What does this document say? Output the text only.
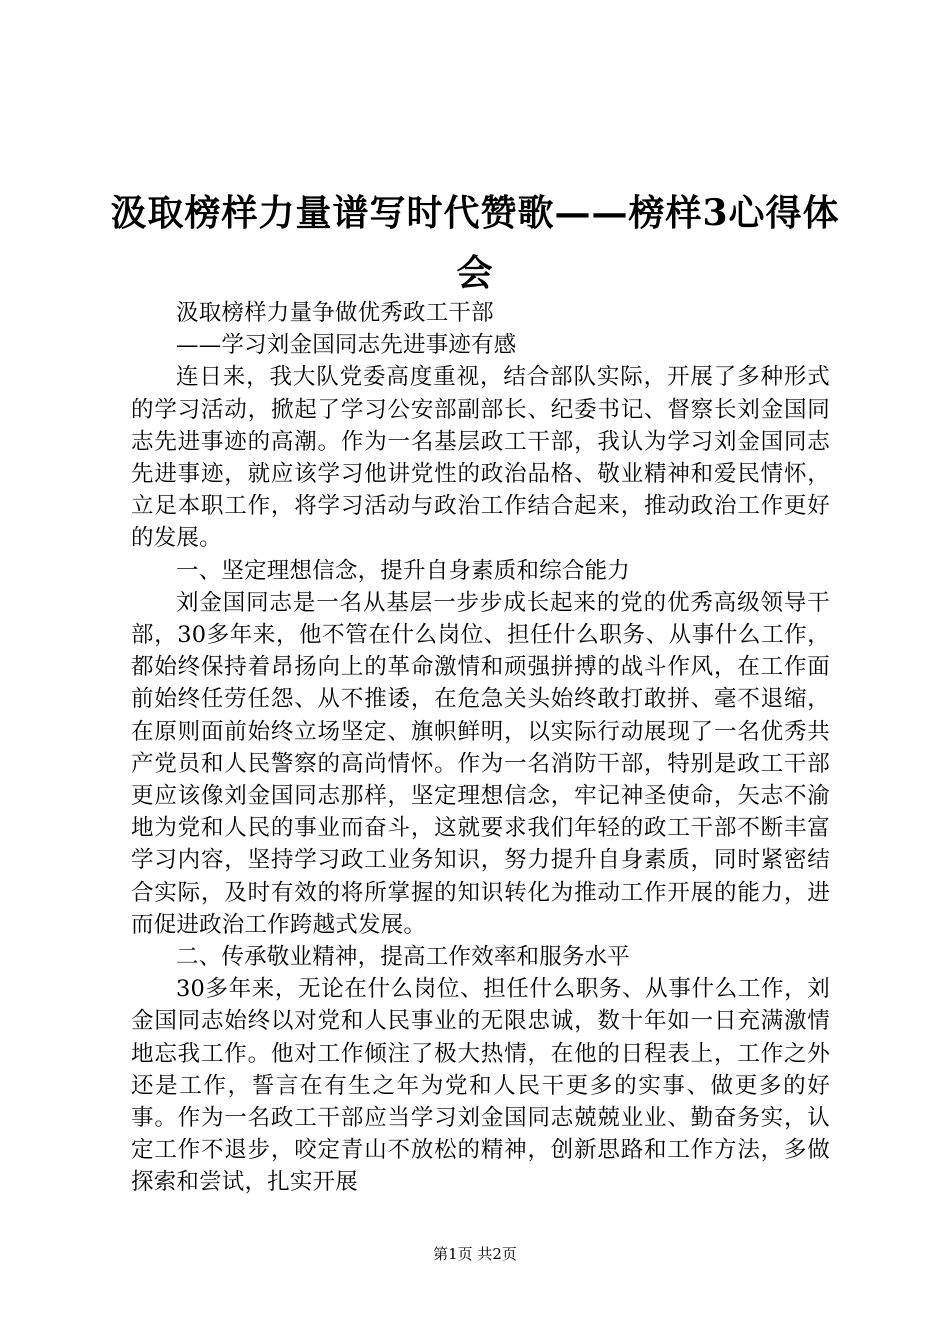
汲取榜样力量谱写时代赞歌——榜样3心得体会

汲取榜样力量争做优秀政工干部

——学习刘金国同志先进事迹有感

连日来，我大队党委高度重视，结合部队实际，开展了多种形式的学习活动，掀起了学习公安部副部长、纪委书记、督察长刘金国同志先进事迹的高潮。作为一名基层政工干部，我认为学习刘金国同志先进事迹，就应该学习他讲党性的政治品格、敬业精神和爱民情怀，立足本职工作，将学习活动与政治工作结合起来，推动政治工作更好的发展。

一、坚定理想信念，提升自身素质和综合能力

刘金国同志是一名从基层一步步成长起来的党的优秀高级领导干部，30多年来，他不管在什么岗位、担任什么职务、从事什么工作，都始终保持着昂扬向上的革命激情和顽强拼搏的战斗作风，在工作面前始终任劳任怨、从不推诿，在危急关头始终敢打敢拼、毫不退缩，在原则面前始终立场坚定、旗帜鲜明，以实际行动展现了一名优秀共产党员和人民警察的高尚情怀。作为一名消防干部，特别是政工干部更应该像刘金国同志那样，坚定理想信念，牢记神圣使命，矢志不渝地为党和人民的事业而奋斗，这就要求我们年轻的政工干部不断丰富学习内容，坚持学习政工业务知识，努力提升自身素质，同时紧密结合实际，及时有效的将所掌握的知识转化为推动工作开展的能力，进而促进政治工作跨越式发展。

二、传承敬业精神，提高工作效率和服务水平

30多年来，无论在什么岗位、担任什么职务、从事什么工作，刘金国同志始终以对党和人民事业的无限忠诚，数十年如一日充满激情地忘我工作。他对工作倾注了极大热情，在他的日程表上，工作之外还是工作，誓言在有生之年为党和人民干更多的实事、做更多的好事。作为一名政工干部应当学习刘金国同志兢兢业业、勤奋务实，认定工作不退步，咬定青山不放松的精神，创新思路和工作方法，多做探索和尝试，扎实开展

第1页 共2页
